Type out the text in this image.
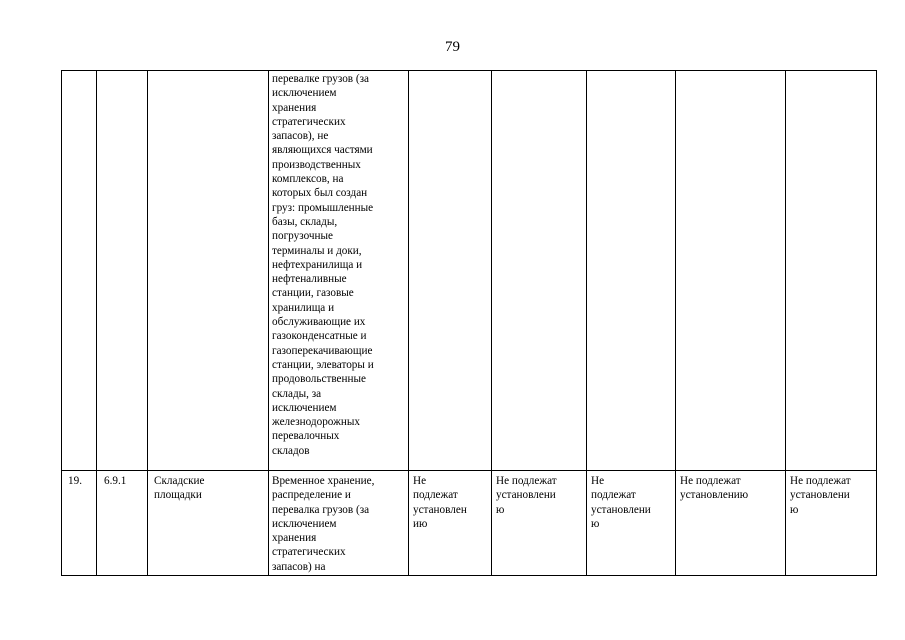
79
перевалке грузов (за
исключением
хранения
стратегических
запасов), не
являющихся частями
производственных
комплексов, на
которых был создан
груз: промышленные
базы, склады,
погрузочные
терминалы и доки,
нефтехранилища и
нефтеналивные
станции, газовые
хранилища и
обслуживающие их
газоконденсатные и
газоперекачивающие
станции, элеваторы и
продовольственные
склады, за
исключением
железнодорожных
перевалочных
складов
19.	6.9.1	Складские
площадки
Временное хранение,
распределение и
перевалка грузов (за
исключением
хранения
стратегических
запасов) на
Не
подлежат
установлен
ию
Не подлежат
установлени
ю
Не
подлежат
установлени
ю
Не подлежат
установлению
Не подлежат
установлени
ю
